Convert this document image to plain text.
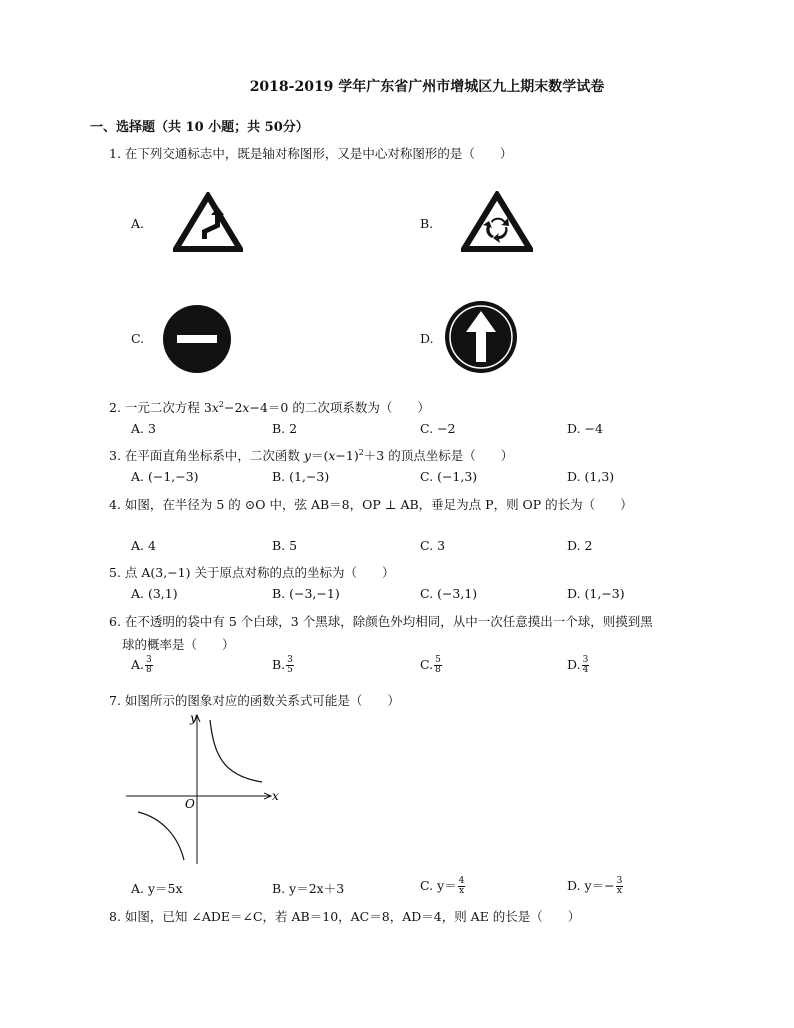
2018-2019 学年广东省广州市增城区九上期末数学试卷
一、选择题（共 10 小题；共 50分）
1. 在下列交通标志中，既是轴对称图形，又是中心对称图形的是（　　）
A.	B.
C.	D.
2. 一元二次方程 $3x^2-2x-4=0$ 的二次项系数为（　　）
A. 3	B. 2	C. −2	D. −4
3. 在平面直角坐标系中，二次函数 $y=(x-1)^2+3$ 的顶点坐标是（　　）
A. (−1,−3)	B. (1,−3)	C. (−1,3)	D. (1,3)
4. 如图，在半径为 5 的 ⊙O 中，弦 AB＝8，OP ⊥ AB，垂足为点 P，则 OP 的长为（　　）
A. 4	B. 5	C. 3	D. 2
5. 点 A(3,−1) 关于原点对称的点的坐标为（　　）
A. (3,1)	B. (−3,−1)	C. (−3,1)	D. (1,−3)
6. 在不透明的袋中有 5 个白球，3 个黑球，除颜色外均相同，从中一次任意摸出一个球，则摸到黑
球的概率是（　　）
A. $\frac{3}{8}$	B. $\frac{3}{5}$	C. $\frac{5}{8}$	D. $\frac{3}{4}$
7. 如图所示的图象对应的函数关系式可能是（　　）
x
y
O
A. y＝5x	B. y＝2x＋3	C. $y= \frac{4}{x}$	D. $y=- \frac{3}{x}$
8. 如图，已知 ∠ADE＝∠C，若 AB＝10，AC＝8，AD＝4，则 AE 的长是（　　）
